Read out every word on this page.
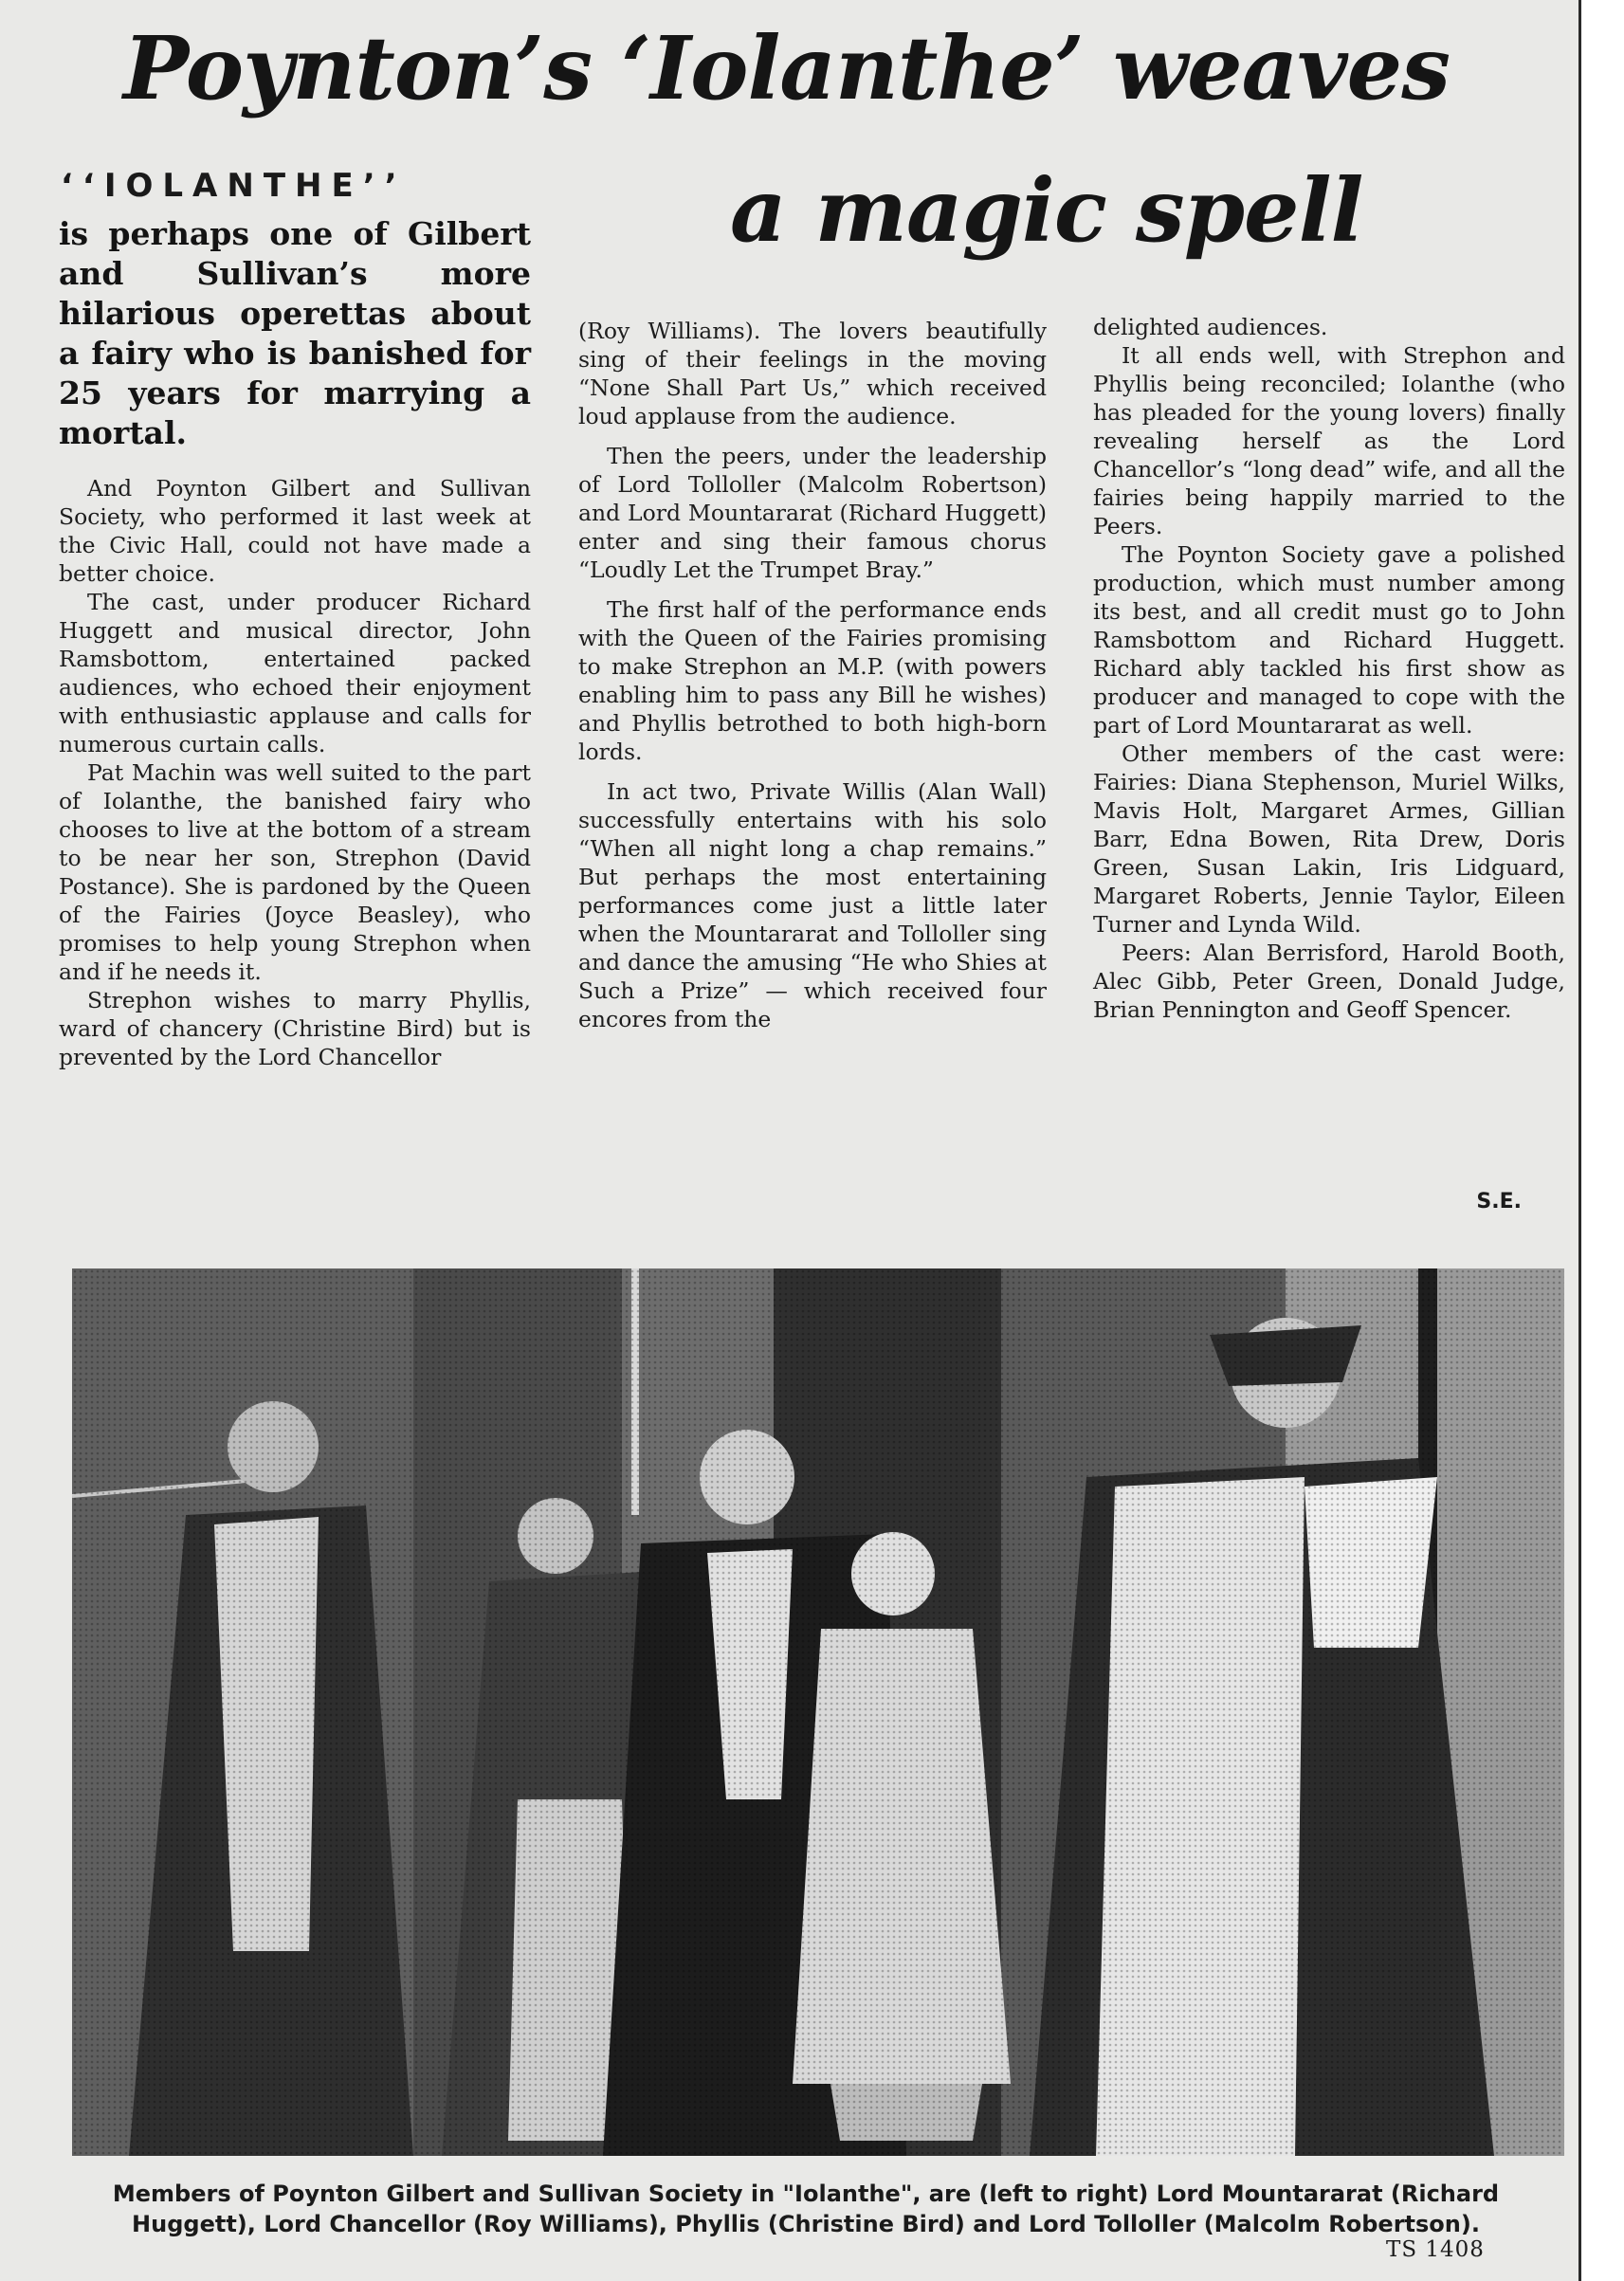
Poynton’s ‘Iolanthe’ weaves
a magic spell

‘‘IOLANTHE’’

is perhaps one of Gilbert and Sullivan’s more hilarious operettas about a fairy who is banished for 25 years for marrying a mortal.

And Poynton Gilbert and Sullivan Society, who performed it last week at the Civic Hall, could not have made a better choice.

The cast, under producer Richard Huggett and musical director, John Ramsbottom, entertained packed audiences, who echoed their enjoyment with enthusiastic applause and calls for numerous curtain calls.

Pat Machin was well suited to the part of Iolanthe, the banished fairy who chooses to live at the bottom of a stream to be near her son, Strephon (David Postance). She is pardoned by the Queen of the Fairies (Joyce Beasley), who promises to help young Strephon when and if he needs it.

Strephon wishes to marry Phyllis, ward of chancery (Christine Bird) but is prevented by the Lord Chancellor

(Roy Williams). The lovers beautifully sing of their feelings in the moving “None Shall Part Us,” which received loud applause from the audience.

Then the peers, under the leadership of Lord Tolloller (Malcolm Robertson) and Lord Mountararat (Richard Huggett) enter and sing their famous chorus “Loudly Let the Trumpet Bray.”

The first half of the performance ends with the Queen of the Fairies promising to make Strephon an M.P. (with powers enabling him to pass any Bill he wishes) and Phyllis betrothed to both high-born lords.

In act two, Private Willis (Alan Wall) successfully entertains with his solo “When all night long a chap remains.” But perhaps the most entertaining performances come just a little later when the Mountararat and Tolloller sing and dance the amusing “He who Shies at Such a Prize” — which received four encores from the

delighted audiences.

It all ends well, with Strephon and Phyllis being reconciled; Iolanthe (who has pleaded for the young lovers) finally revealing herself as the Lord Chancellor’s “long dead” wife, and all the fairies being happily married to the Peers.

The Poynton Society gave a polished production, which must number among its best, and all credit must go to John Ramsbottom and Richard Huggett. Richard ably tackled his first show as producer and managed to cope with the part of Lord Mountararat as well.

Other members of the cast were: Fairies: Diana Stephenson, Muriel Wilks, Mavis Holt, Margaret Armes, Gillian Barr, Edna Bowen, Rita Drew, Doris Green, Susan Lakin, Iris Lidguard, Margaret Roberts, Jennie Taylor, Eileen Turner and Lynda Wild.

Peers: Alan Berrisford, Harold Booth, Alec Gibb, Peter Green, Donald Judge, Brian Pennington and Geoff Spencer.

S.E.

Members of Poynton Gilbert and Sullivan Society in "Iolanthe", are (left to right) Lord Mountararat (Richard Huggett), Lord Chancellor (Roy Williams), Phyllis (Christine Bird) and Lord Tolloller (Malcolm Robertson).

TS 1408
